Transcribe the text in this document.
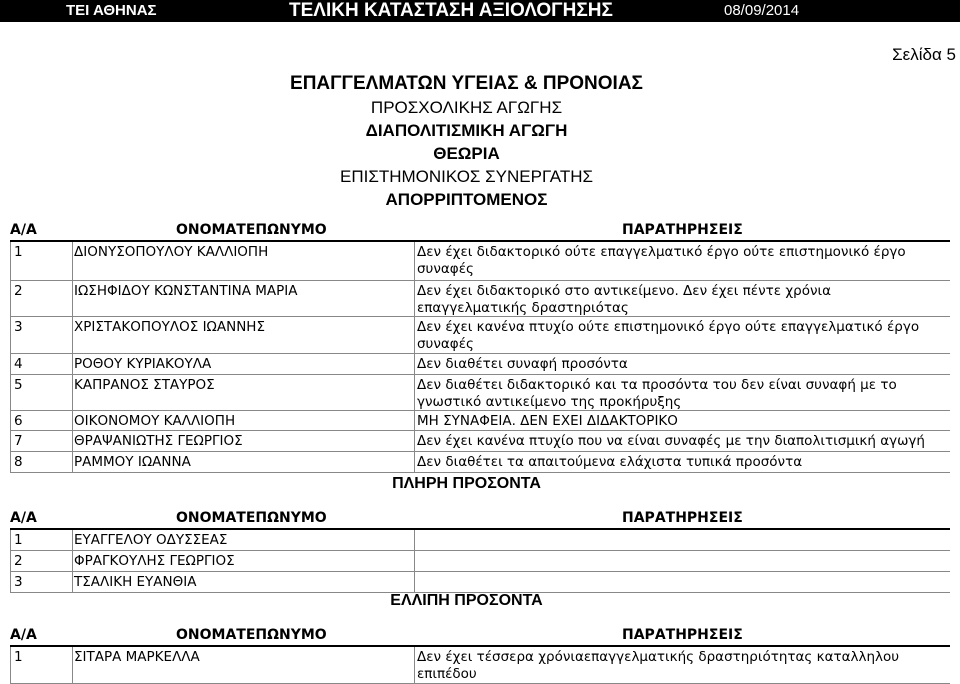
ΤΕΙ ΑΘΗΝΑΣ	ΤΕΛΙΚΗ ΚΑΤΑΣΤΑΣΗ ΑΞΙΟΛΟΓΗΣΗΣ	08/09/2014
Σελίδα 5
ΕΠΑΓΓΕΛΜΑΤΩΝ ΥΓΕΙΑΣ & ΠΡΟΝΟΙΑΣ
ΠΡΟΣΧΟΛΙΚΗΣ ΑΓΩΓΗΣ
ΔΙΑΠΟΛΙΤΙΣΜΙΚΗ ΑΓΩΓΗ
ΘΕΩΡΙΑ
ΕΠΙΣΤΗΜΟΝΙΚΟΣ ΣΥΝΕΡΓΑΤΗΣ
ΑΠΟΡΡΙΠΤΟΜΕΝΟΣ
Α/Α	ΟΝΟΜΑΤΕΠΩΝΥΜΟ	ΠΑΡΑΤΗΡΗΣΕΙΣ
1	ΔΙΟΝΥΣΟΠΟΥΛΟΥ ΚΑΛΛΙΟΠΗ	Δεν έχει διδακτορικό ούτε επαγγελματικό έργο ούτε επιστημονικό έργο συναφές
2	ΙΩΣΗΦΙΔΟΥ ΚΩΝΣΤΑΝΤΙΝΑ ΜΑΡΙΑ	Δεν έχει διδακτορικό στο αντικείμενο. Δεν έχει πέντε χρόνια επαγγελματικής δραστηριότας
3	ΧΡΙΣΤΑΚΟΠΟΥΛΟΣ ΙΩΑΝΝΗΣ	Δεν έχει κανένα πτυχίο ούτε επιστημονικό έργο ούτε επαγγελματικό έργο συναφές
4	ΡΟΘΟΥ ΚΥΡΙΑΚΟΥΛΑ	Δεν διαθέτει συναφή προσόντα
5	ΚΑΠΡΑΝΟΣ ΣΤΑΥΡΟΣ	Δεν διαθέτει διδακτορικό και τα προσόντα του δεν είναι συναφή με το γνωστικό αντικείμενο της προκήρυξης
6	ΟΙΚΟΝΟΜΟΥ ΚΑΛΛΙΟΠΗ	ΜΗ ΣΥΝΑΦΕΙΑ. ΔΕΝ ΕΧΕΙ ΔΙΔΑΚΤΟΡΙΚΟ
7	ΘΡΑΨΑΝΙΩΤΗΣ ΓΕΩΡΓΙΟΣ	Δεν έχει κανένα πτυχίο που να είναι συναφές με την διαπολιτισμική αγωγή
8	ΡΑΜΜΟΥ ΙΩΑΝΝΑ	Δεν διαθέτει τα απαιτούμενα ελάχιστα τυπικά προσόντα
ΠΛΗΡΗ ΠΡΟΣΟΝΤΑ
Α/Α	ΟΝΟΜΑΤΕΠΩΝΥΜΟ	ΠΑΡΑΤΗΡΗΣΕΙΣ
1	ΕΥΑΓΓΕΛΟΥ ΟΔΥΣΣΕΑΣ
2	ΦΡΑΓΚΟΥΛΗΣ ΓΕΩΡΓΙΟΣ
3	ΤΣΑΛΙΚΗ ΕΥΑΝΘΙΑ
ΕΛΛΙΠΗ ΠΡΟΣΟΝΤΑ
Α/Α	ΟΝΟΜΑΤΕΠΩΝΥΜΟ	ΠΑΡΑΤΗΡΗΣΕΙΣ
1	ΣΙΤΑΡΑ ΜΑΡΚΕΛΛΑ	Δεν έχει τέσσερα χρόνιαεπαγγελματικής δραστηριότητας καταλληλου επιπέδου
